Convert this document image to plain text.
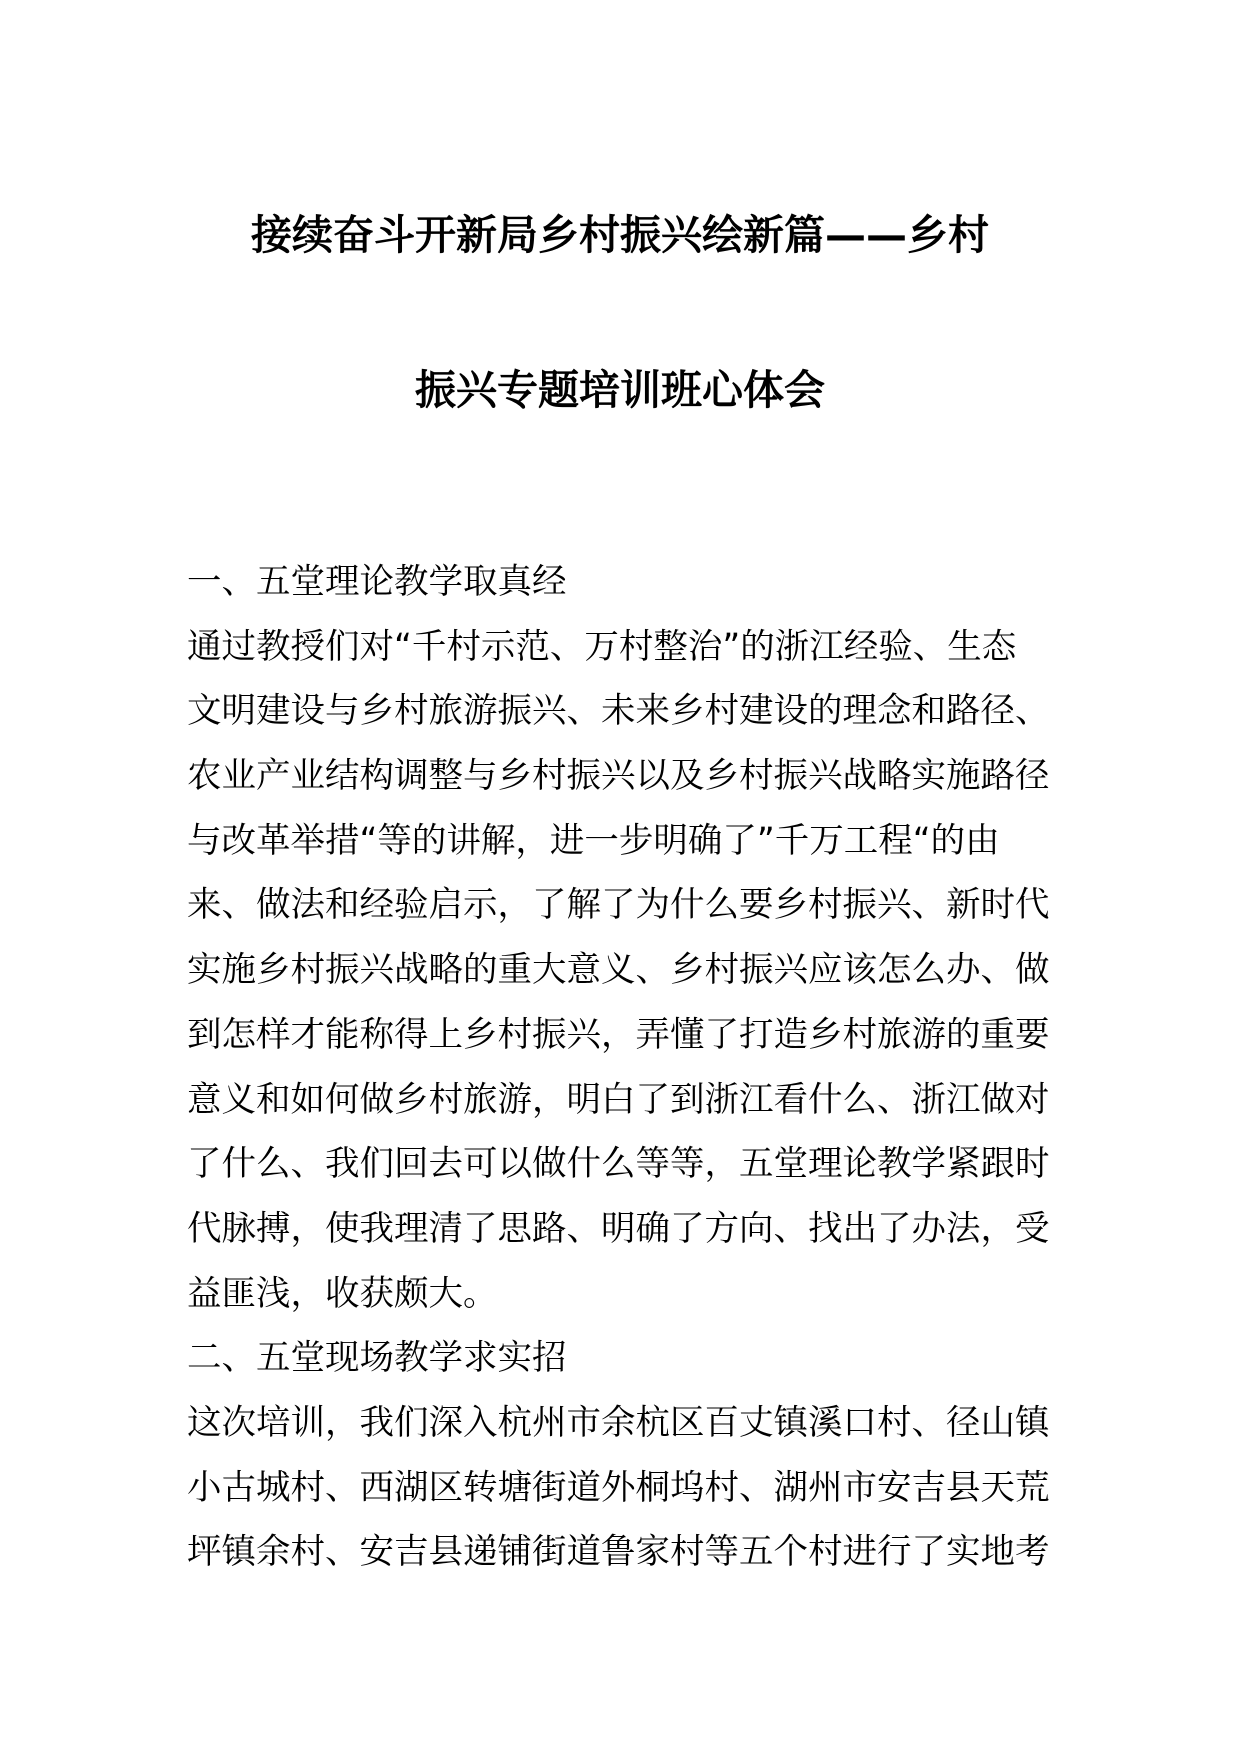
接续奋斗开新局乡村振兴绘新篇——乡村
振兴专题培训班心体会
一、五堂理论教学取真经
通过教授们对“千村示范、万村整治”的浙江经验、生态
文明建设与乡村旅游振兴、未来乡村建设的理念和路径、
农业产业结构调整与乡村振兴以及乡村振兴战略实施路径
与改革举措“等的讲解，进一步明确了”千万工程“的由
来、做法和经验启示，了解了为什么要乡村振兴、新时代
实施乡村振兴战略的重大意义、乡村振兴应该怎么办、做
到怎样才能称得上乡村振兴，弄懂了打造乡村旅游的重要
意义和如何做乡村旅游，明白了到浙江看什么、浙江做对
了什么、我们回去可以做什么等等，五堂理论教学紧跟时
代脉搏，使我理清了思路、明确了方向、找出了办法，受
益匪浅，收获颇大。
二、五堂现场教学求实招
这次培训，我们深入杭州市余杭区百丈镇溪口村、径山镇
小古城村、西湖区转塘街道外桐坞村、湖州市安吉县天荒
坪镇余村、安吉县递铺街道鲁家村等五个村进行了实地考
